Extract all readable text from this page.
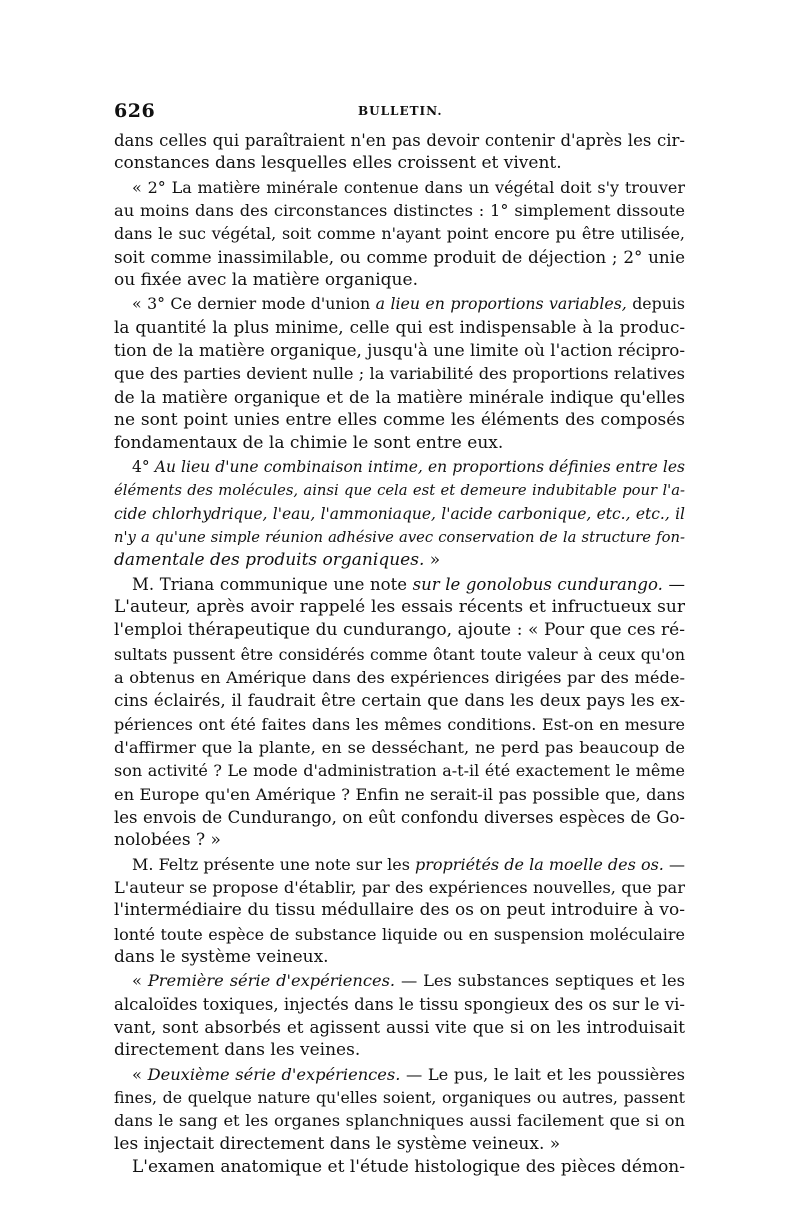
626	BULLETIN.
dans celles qui paraîtraient n'en pas devoir contenir d'après les cir-
constances dans lesquelles elles croissent et vivent.
« 2° La matière minérale contenue dans un végétal doit s'y trouver
au moins dans des circonstances distinctes : 1° simplement dissoute
dans le suc végétal, soit comme n'ayant point encore pu être utilisée,
soit comme inassimilable, ou comme produit de déjection ; 2° unie
ou fixée avec la matière organique.
« 3° Ce dernier mode d'union a lieu en proportions variables, depuis
la quantité la plus minime, celle qui est indispensable à la produc-
tion de la matière organique, jusqu'à une limite où l'action récipro-
que des parties devient nulle ; la variabilité des proportions relatives
de la matière organique et de la matière minérale indique qu'elles
ne sont point unies entre elles comme les éléments des composés
fondamentaux de la chimie le sont entre eux.
4° Au lieu d'une combinaison intime, en proportions définies entre les
éléments des molécules, ainsi que cela est et demeure indubitable pour l'a-
cide chlorhydrique, l'eau, l'ammoniaque, l'acide carbonique, etc., etc., il
n'y a qu'une simple réunion adhésive avec conservation de la structure fon-
damentale des produits organiques. »
M. Triana communique une note sur le gonolobus cundurango. —
L'auteur, après avoir rappelé les essais récents et infructueux sur
l'emploi thérapeutique du cundurango, ajoute : « Pour que ces ré-
sultats pussent être considérés comme ôtant toute valeur à ceux qu'on
a obtenus en Amérique dans des expériences dirigées par des méde-
cins éclairés, il faudrait être certain que dans les deux pays les ex-
périences ont été faites dans les mêmes conditions. Est-on en mesure
d'affirmer que la plante, en se desséchant, ne perd pas beaucoup de
son activité ? Le mode d'administration a-t-il été exactement le même
en Europe qu'en Amérique ? Enfin ne serait-il pas possible que, dans
les envois de Cundurango, on eût confondu diverses espèces de Go-
nolobées ? »
M. Feltz présente une note sur les propriétés de la moelle des os. —
L'auteur se propose d'établir, par des expériences nouvelles, que par
l'intermédiaire du tissu médullaire des os on peut introduire à vo-
lonté toute espèce de substance liquide ou en suspension moléculaire
dans le système veineux.
« Première série d'expériences. — Les substances septiques et les
alcaloïdes toxiques, injectés dans le tissu spongieux des os sur le vi-
vant, sont absorbés et agissent aussi vite que si on les introduisait
directement dans les veines.
« Deuxième série d'expériences. — Le pus, le lait et les poussières
fines, de quelque nature qu'elles soient, organiques ou autres, passent
dans le sang et les organes splanchniques aussi facilement que si on
les injectait directement dans le système veineux. »
L'examen anatomique et l'étude histologique des pièces démon-
